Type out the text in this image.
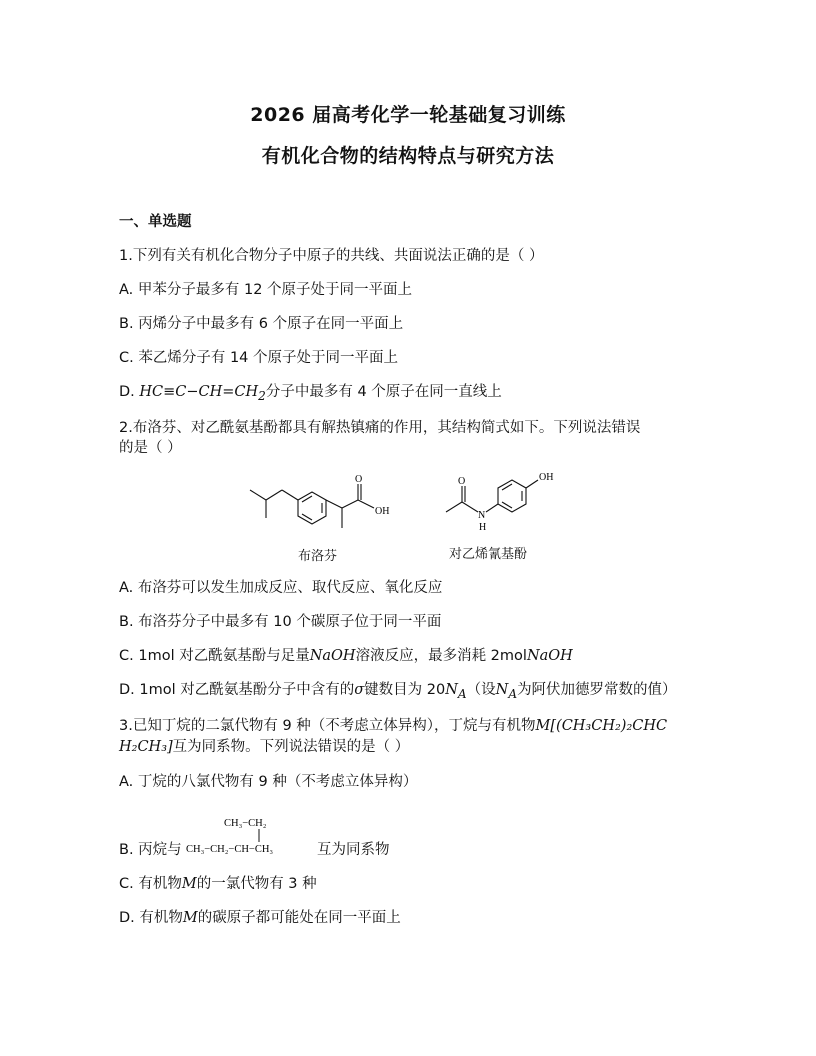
2026 届高考化学一轮基础复习训练
有机化合物的结构特点与研究方法
一、单选题
1.下列有关有机化合物分子中原子的共线、共面说法正确的是（ ）
A. 甲苯分子最多有 12 个原子处于同一平面上
B. 丙烯分子中最多有 6 个原子在同一平面上
C. 苯乙烯分子有 14 个原子处于同一平面上
D. $HC\equiv C-CH=CH_2$分子中最多有 4 个原子在同一直线上
2.布洛芬、对乙酰氨基酚都具有解热镇痛的作用，其结构简式如下。下列说法错误
的是（ ）
O
OH
布洛芬
O
N
H
OH
对乙烯氰基酚
A. 布洛芬可以发生加成反应、取代反应、氧化反应
B. 布洛芬分子中最多有 10 个碳原子位于同一平面
C. 1mol 对乙酰氨基酚与足量NaOH溶液反应，最多消耗 2molNaOH
D. 1mol 对乙酰氨基酚分子中含有的σ键数目为 $20N_A$（设$N_A$为阿伏加德罗常数的值）
3.已知丁烷的二氯代物有 9 种（不考虑立体异构），丁烷与有机物M[(CH₃CH₂)₂CHC
H₂CH₃]互为同系物。下列说法错误的是（ ）
A. 丁烷的八氯代物有 9 种（不考虑立体异构）
B. 丙烷与
CH₃−CH₂
CH₃−CH₂−CH−CH₃	互为同系物
C. 有机物M的一氯代物有 3 种
D. 有机物M的碳原子都可能处在同一平面上
